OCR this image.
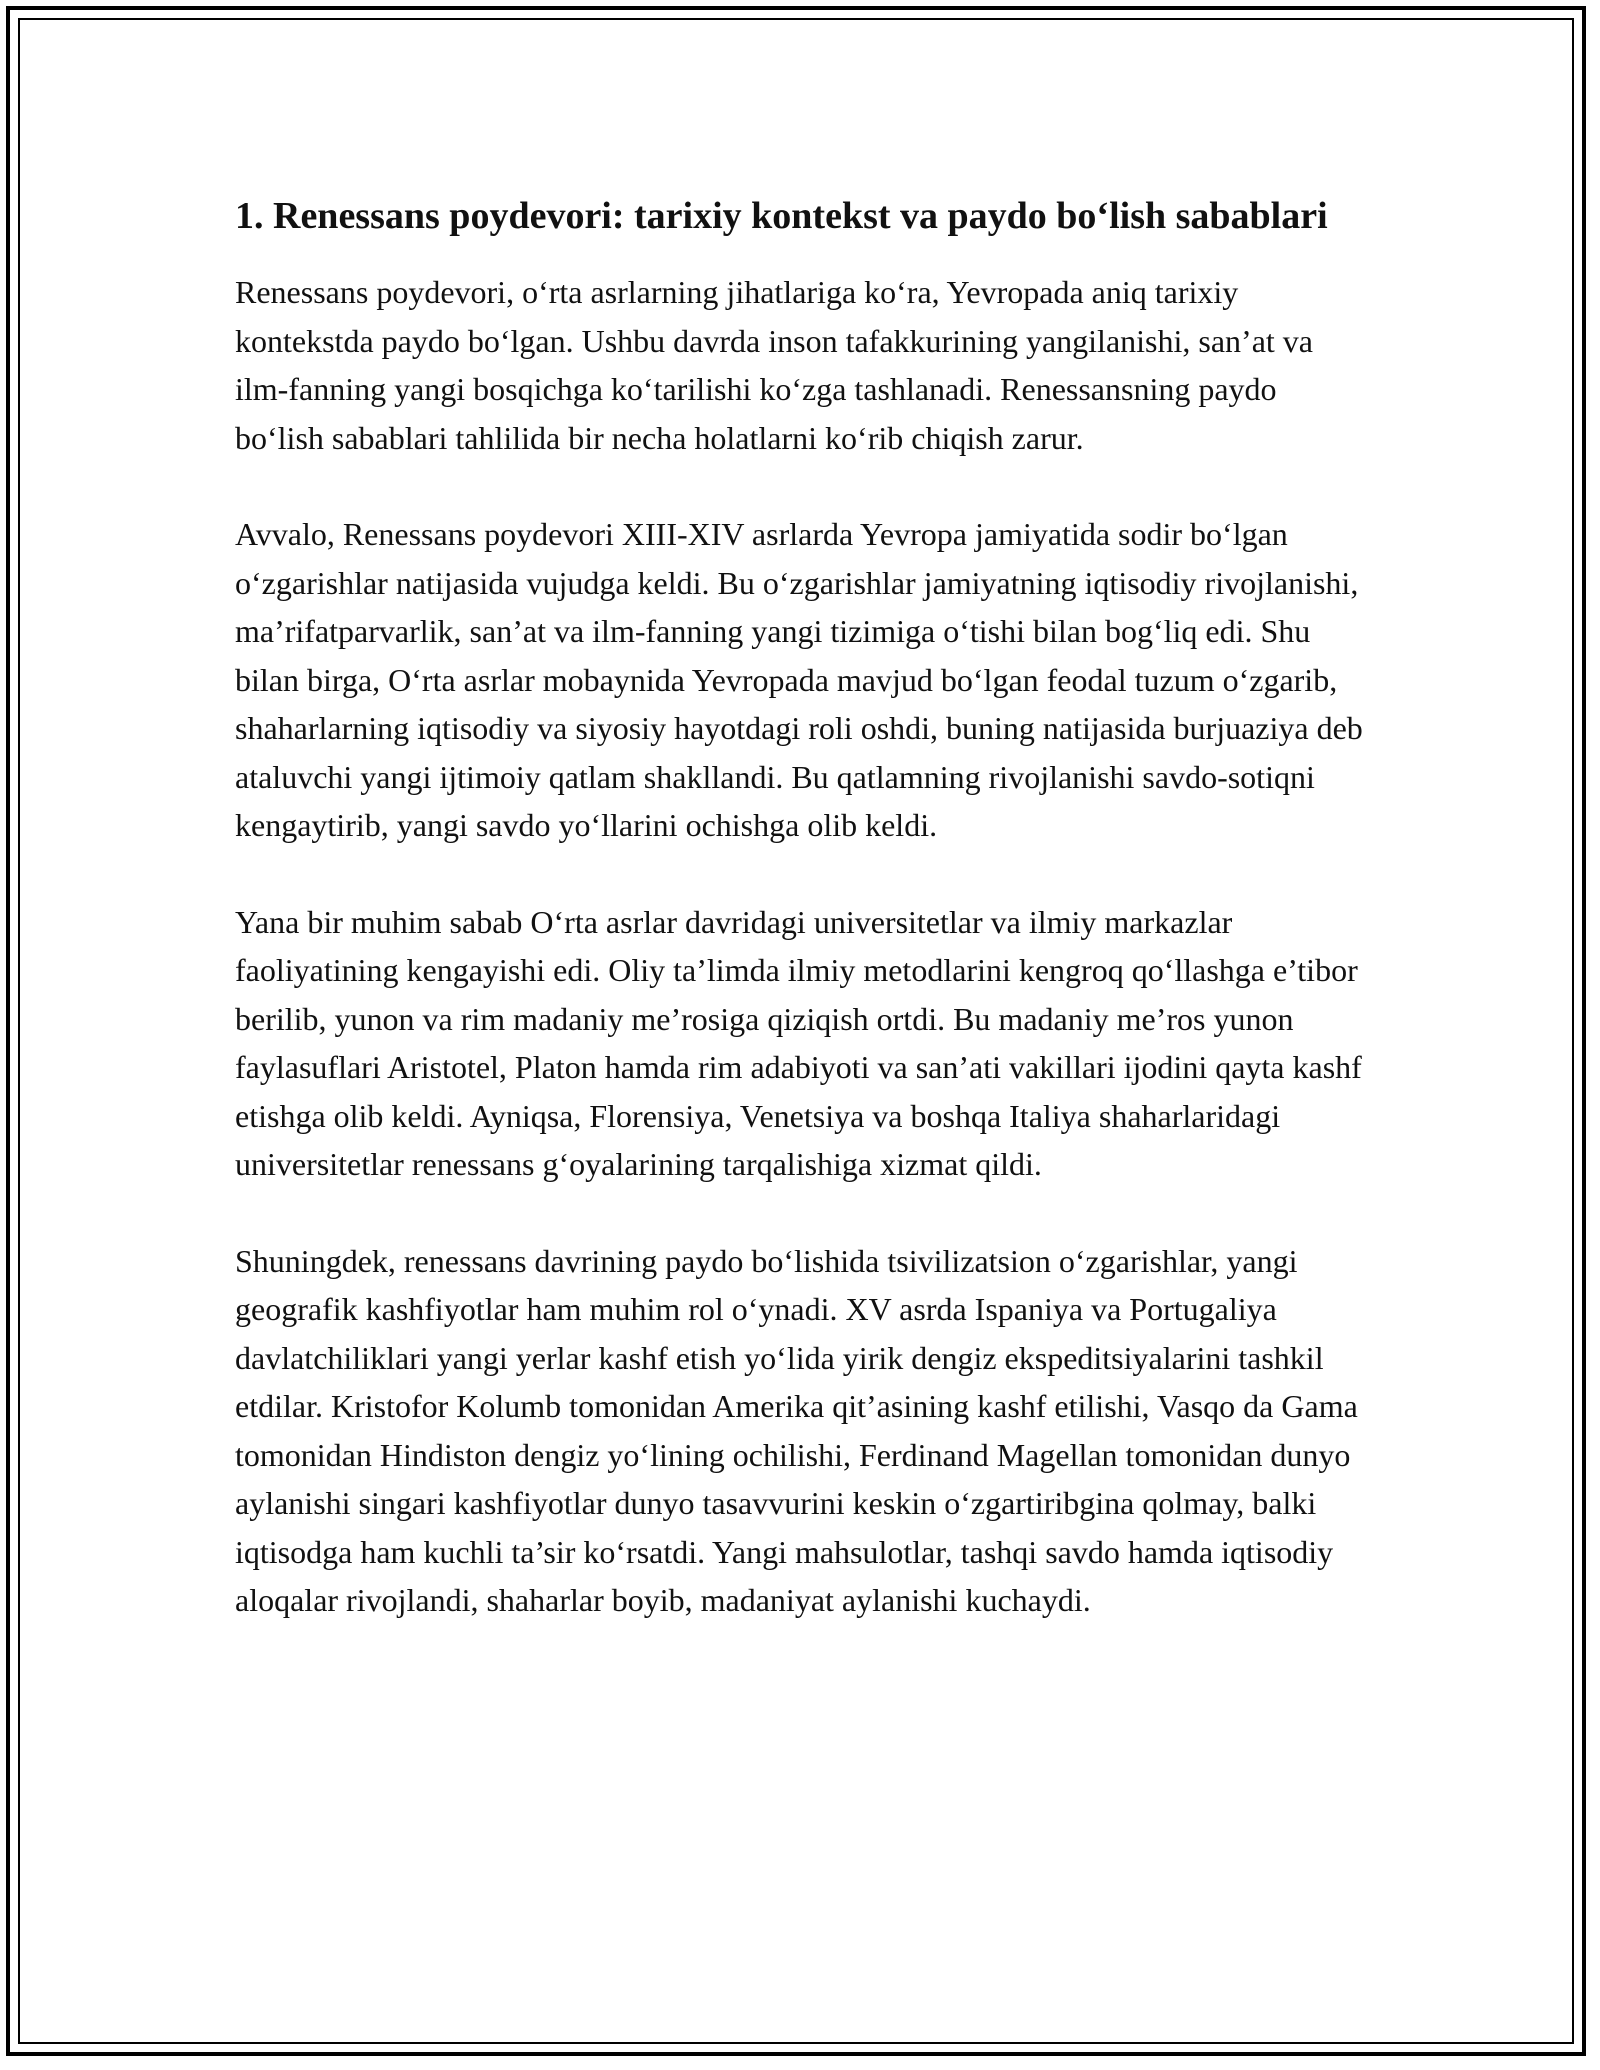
1. Renessans poydevori: tarixiy kontekst va paydo bo‘lish sabablari

Renessans poydevori, o‘rta asrlarning jihatlariga ko‘ra, Yevropada aniq tarixiy kontekstda paydo bo‘lgan. Ushbu davrda inson tafakkurining yangilanishi, san’at va ilm-fanning yangi bosqichga ko‘tarilishi ko‘zga tashlanadi. Renessansning paydo bo‘lish sabablari tahlilida bir necha holatlarni ko‘rib chiqish zarur.

Avvalo, Renessans poydevori XIII-XIV asrlarda Yevropa jamiyatida sodir bo‘lgan o‘zgarishlar natijasida vujudga keldi. Bu o‘zgarishlar jamiyatning iqtisodiy rivojlanishi, ma’rifatparvarlik, san’at va ilm-fanning yangi tizimiga o‘tishi bilan bog‘liq edi. Shu bilan birga, O‘rta asrlar mobaynida Yevropada mavjud bo‘lgan feodal tuzum o‘zgarib, shaharlarning iqtisodiy va siyosiy hayotdagi roli oshdi, buning natijasida burjuaziya deb ataluvchi yangi ijtimoiy qatlam shakllandi. Bu qatlamning rivojlanishi savdo-sotiqni kengaytirib, yangi savdo yo‘llarini ochishga olib keldi.

Yana bir muhim sabab O‘rta asrlar davridagi universitetlar va ilmiy markazlar faoliyatining kengayishi edi. Oliy ta’limda ilmiy metodlarini kengroq qo‘llashga e’tibor berilib, yunon va rim madaniy me’rosiga qiziqish ortdi. Bu madaniy me’ros yunon faylasuflari Aristotel, Platon hamda rim adabiyoti va san’ati vakillari ijodini qayta kashf etishga olib keldi. Ayniqsa, Florensiya, Venetsiya va boshqa Italiya shaharlaridagi universitetlar renessans g‘oyalarining tarqalishiga xizmat qildi.

Shuningdek, renessans davrining paydo bo‘lishida tsivilizatsion o‘zgarishlar, yangi geografik kashfiyotlar ham muhim rol o‘ynadi. XV asrda Ispaniya va Portugaliya davlatchiliklari yangi yerlar kashf etish yo‘lida yirik dengiz ekspeditsiyalarini tashkil etdilar. Kristofor Kolumb tomonidan Amerika qit’asining kashf etilishi, Vasqo da Gama tomonidan Hindiston dengiz yo‘lining ochilishi, Ferdinand Magellan tomonidan dunyo aylanishi singari kashfiyotlar dunyo tasavvurini keskin o‘zgartiribgina qolmay, balki iqtisodga ham kuchli ta’sir ko‘rsatdi. Yangi mahsulotlar, tashqi savdo hamda iqtisodiy aloqalar rivojlandi, shaharlar boyib, madaniyat aylanishi kuchaydi.
